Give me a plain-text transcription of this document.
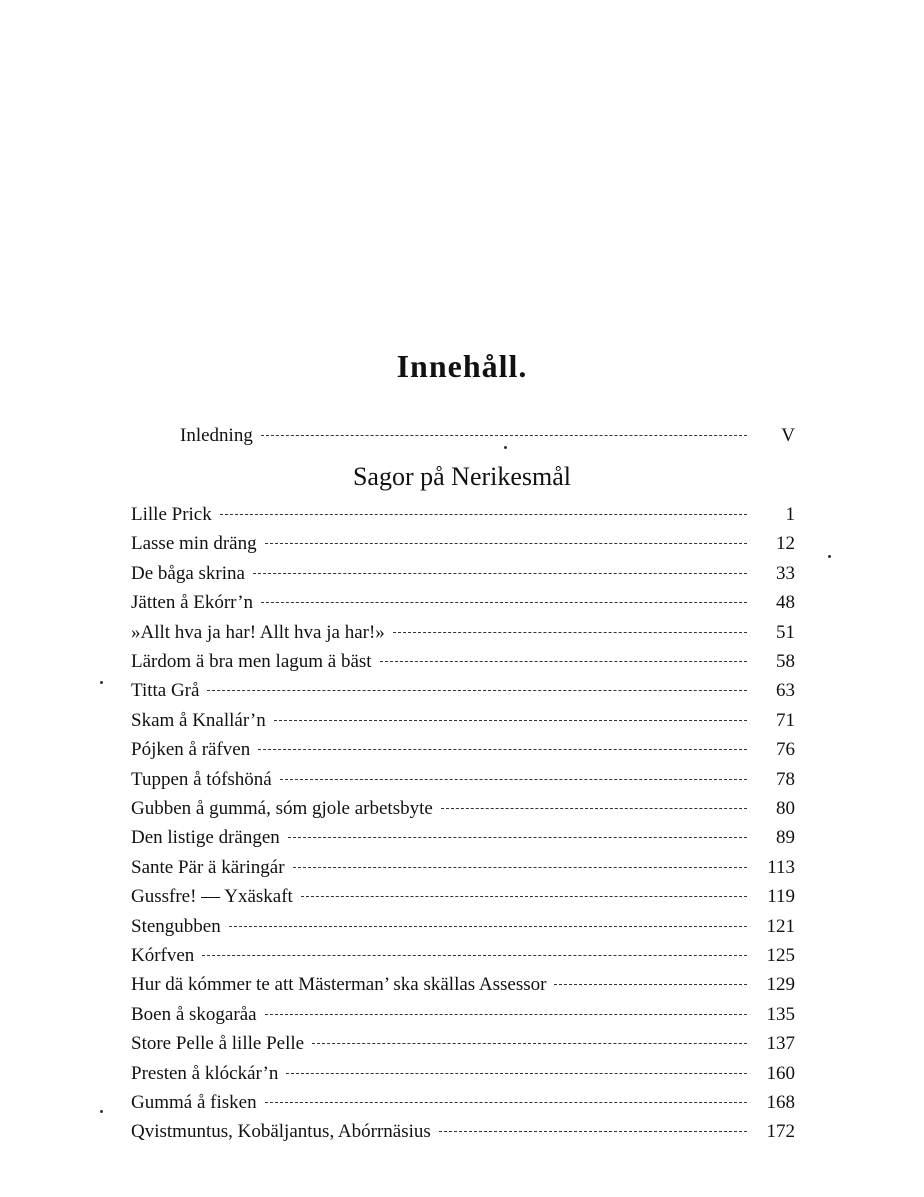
Innehåll.
Inledning	V
Sagor på Nerikesmål
Lille Prick	1
Lasse min dräng	12
De båga skrina	33
Jätten å Ekórr’n	48
»Allt hva ja har! Allt hva ja har!»	51
Lärdom ä bra men lagum ä bäst	58
Titta Grå	63
Skam å Knallár’n	71
Pójken å räfven	76
Tuppen å tófshöná	78
Gubben å gummá, sóm gjole arbetsbyte	80
Den listige drängen	89
Sante Pär ä käringár	113
Gussfre! — Yxäskaft	119
Stengubben	121
Kórfven	125
Hur dä kómmer te att Mästerman’ ska skällas Assessor	129
Boen å skogaråa	135
Store Pelle å lille Pelle	137
Presten å klóckár’n	160
Gummá å fisken	168
Qvistmuntus, Kobäljantus, Abórrnäsius	172
